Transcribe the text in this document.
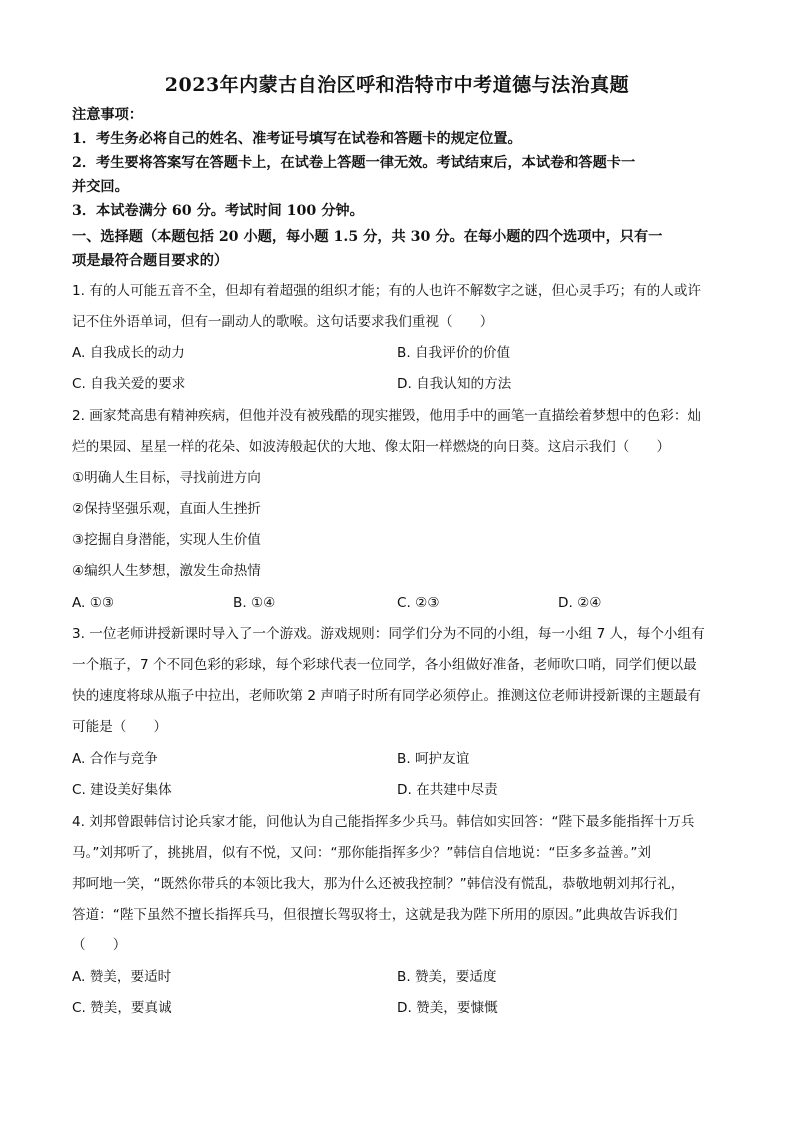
2023年内蒙古自治区呼和浩特市中考道德与法治真题
注意事项：
1．考生务必将自己的姓名、准考证号填写在试卷和答题卡的规定位置。
2．考生要将答案写在答题卡上，在试卷上答题一律无效。考试结束后，本试卷和答题卡一
并交回。
3．本试卷满分 60 分。考试时间 100 分钟。
一、选择题（本题包括 20 小题，每小题 1.5 分，共 30 分。在每小题的四个选项中，只有一
项是最符合题目要求的）
1. 有的人可能五音不全，但却有着超强的组织才能；有的人也许不解数字之谜，但心灵手巧；有的人或许
记不住外语单词，但有一副动人的歌喉。这句话要求我们重视（　　）
A. 自我成长的动力	B. 自我评价的价值
C. 自我关爱的要求	D. 自我认知的方法
2. 画家梵高患有精神疾病，但他并没有被残酷的现实摧毁，他用手中的画笔一直描绘着梦想中的色彩：灿
烂的果园、星星一样的花朵、如波涛般起伏的大地、像太阳一样燃烧的向日葵。这启示我们（　　）
①明确人生目标，寻找前进方向
②保持坚强乐观，直面人生挫折
③挖掘自身潜能，实现人生价值
④编织人生梦想，激发生命热情
A. ①③	B. ①④	C. ②③	D. ②④
3. 一位老师讲授新课时导入了一个游戏。游戏规则：同学们分为不同的小组，每一小组 7 人，每个小组有
一个瓶子，7 个不同色彩的彩球，每个彩球代表一位同学，各小组做好准备，老师吹口哨，同学们便以最
快的速度将球从瓶子中拉出，老师吹第 2 声哨子时所有同学必须停止。推测这位老师讲授新课的主题最有
可能是（　　）
A. 合作与竞争	B. 呵护友谊
C. 建设美好集体	D. 在共建中尽责
4. 刘邦曾跟韩信讨论兵家才能，问他认为自己能指挥多少兵马。韩信如实回答：“陛下最多能指挥十万兵
马。”刘邦听了，挑挑眉，似有不悦，又问：“那你能指挥多少？”韩信自信地说：“臣多多益善。”刘
邦呵地一笑，“既然你带兵的本领比我大，那为什么还被我控制？”韩信没有慌乱，恭敬地朝刘邦行礼，
答道：“陛下虽然不擅长指挥兵马，但很擅长驾驭将士，这就是我为陛下所用的原因。”此典故告诉我们
（　　）
A. 赞美，要适时	B. 赞美，要适度
C. 赞美，要真诚	D. 赞美，要慷慨
